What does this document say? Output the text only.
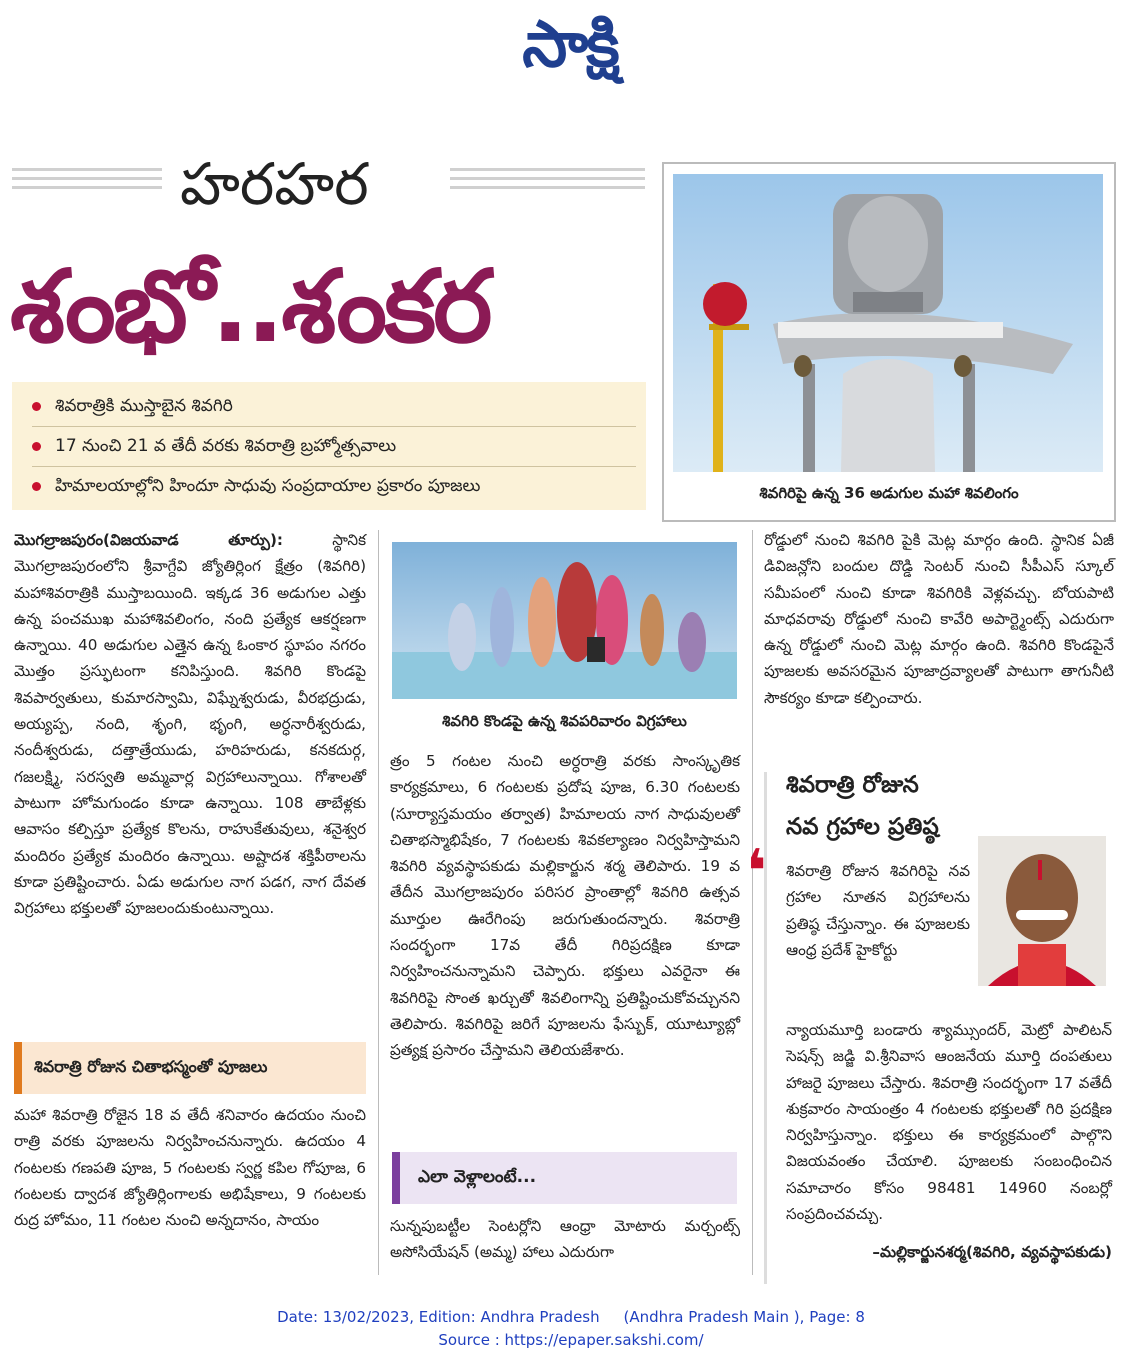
సాక్షి
హరహర
శంభో..శంకర
శివరాత్రికి ముస్తాబైన శివగిరి
17 నుంచి 21 వ తేదీ వరకు శివరాత్రి బ్రహ్మోత్సవాలు
హిమాలయాల్లోని హిందూ సాధువు సంప్రదాయాల ప్రకారం పూజలు	శివగిరిపై ఉన్న 36 అడుగుల మహా శివలింగం
మొగల్రాజపురం(విజయవాడ తూర్పు):	స్థానిక మొగల్రాజపురంలోని శ్రీవాగ్దేవి జ్యోతిర్లింగ క్షేత్రం (శివగిరి) మహాశివరాత్రికి ముస్తాబయింది. ఇక్కడ 36 అడుగుల ఎత్తు ఉన్న పంచముఖ మహాశివలింగం, నంది ప్రత్యేక ఆకర్షణగా ఉన్నాయి. 40 అడుగుల ఎత్తైన ఉన్న ఓంకార స్థూపం నగరం మొత్తం ప్రస్ఫుటంగా కనిపిస్తుంది. శివగిరి కొండపై శివపార్వతులు, కుమారస్వామి, విఘ్నేశ్వరుడు, వీరభద్రుడు, అయ్యప్ప, నంది, శృంగి, భృంగి, అర్ధనారీశ్వరుడు, నందీశ్వరుడు, దత్తాత్రేయుడు, హరిహరుడు, కనకదుర్గ, గజలక్ష్మి, సరస్వతి అమ్మవార్ల విగ్రహాలున్నాయి. గోశాలతో పాటుగా హోమగుండం కూడా ఉన్నాయి. 108 తాబేళ్లకు ఆవాసం కల్పిస్తూ ప్రత్యేక కొలను, రాహుకేతువులు, శనైశ్వర మందిరం ప్రత్యేక మందిరం ఉన్నాయి. అష్టాదశ శక్తిపీఠాలను కూడా ప్రతిష్టించారు. ఏడు అడుగుల నాగ పడగ, నాగ దేవత విగ్రహాలు భక్తులతో పూజలందుకుంటున్నాయి.
శివరాత్రి రోజున చితాభస్మంతో పూజలు
మహా శివరాత్రి రోజైన 18 వ తేదీ శనివారం ఉదయం నుంచి రాత్రి వరకు పూజలను నిర్వహించనున్నారు. ఉదయం 4 గంటలకు గణపతి పూజ, 5 గంటలకు స్వర్ణ కపిల గోపూజ, 6 గంటలకు ద్వాదశ జ్యోతిర్లింగాలకు అభిషేకాలు, 9 గంటలకు రుద్ర హోమం, 11 గంటల నుంచి అన్నదానం, సాయం
శివగిరి కొండపై ఉన్న శివపరివారం విగ్రహాలు
త్రం 5 గంటల నుంచి అర్ధరాత్రి వరకు సాంస్కృతిక కార్యక్రమాలు, 6 గంటలకు ప్రదోష పూజ, 6.30 గంటలకు (సూర్యాస్తమయం తర్వాత) హిమాలయ నాగ సాధువులతో చితాభస్మాభిషేకం, 7 గంటలకు శివకల్యాణం నిర్వహిస్తామని శివగిరి వ్యవస్థాపకుడు మల్లికార్జున శర్మ తెలిపారు. 19 వ తేదీన మొగల్రాజపురం పరిసర ప్రాంతాల్లో శివగిరి ఉత్సవ మూర్తుల ఊరేగింపు జరుగుతుందన్నారు. శివరాత్రి సందర్భంగా 17వ తేదీ గిరిప్రదక్షిణ కూడా నిర్వహించనున్నామని చెప్పారు. భక్తులు ఎవరైనా ఈ శివగిరిపై సొంత ఖర్చుతో శివలింగాన్ని ప్రతిష్టించుకోవచ్చునని తెలిపారు. శివగిరిపై జరిగే పూజలను ఫేస్బుక్, యూట్యూబ్లో ప్రత్యక్ష ప్రసారం చేస్తామని తెలియజేశారు.
ఎలా వెళ్లాలంటే...
సున్నపుబట్టీల సెంటర్లోని ఆంధ్రా మోటారు మర్చంట్స్ అసోసియేషన్ (అమ్మ) హాలు ఎదురుగా
రోడ్డులో నుంచి శివగిరి పైకి మెట్ల మార్గం ఉంది. స్థానిక ఏజీ డివిజన్లోని బందుల దొడ్డి సెంటర్ నుంచి సీపీఎస్ స్కూల్ సమీపంలో నుంచి కూడా శివగిరికి వెళ్లవచ్చు. బోయపాటి మాధవరావు రోడ్డులో నుంచి కావేరి అపార్ట్మెంట్స్ ఎదురుగా ఉన్న రోడ్డులో నుంచి మెట్ల మార్గం ఉంది. శివగిరి కొండపైనే పూజలకు అవసరమైన పూజాద్రవ్యాలతో పాటుగా తాగునీటి సౌకర్యం కూడా కల్పించారు.
శివరాత్రి రోజున
నవ గ్రహాల ప్రతిష్ఠ
❛ శివరాత్రి రోజున శివగిరిపై నవ గ్రహాల నూతన విగ్రహాలను ప్రతిష్ఠ చేస్తున్నాం. ఈ పూజలకు ఆంధ్ర ప్రదేశ్ హైకోర్టు
న్యాయమూర్తి బండారు శ్యామ్సుందర్, మెట్రో పాలిటన్ సెషన్స్ జడ్జి వి.శ్రీనివాస ఆంజనేయ మూర్తి దంపతులు హాజరై పూజలు చేస్తారు. శివరాత్రి సందర్భంగా 17 వతేదీ శుక్రవారం సాయంత్రం 4 గంటలకు భక్తులతో గిరి ప్రదక్షిణ నిర్వహిస్తున్నాం. భక్తులు ఈ కార్యక్రమంలో పాల్గొని విజయవంతం చేయాలి. పూజలకు సంబంధించిన సమాచారం కోసం 98481 14960 నంబర్లో సంప్రదించవచ్చు.
–మల్లికార్జునశర్మ(శివగిరి, వ్యవస్థాపకుడు)
Date: 13/02/2023, Edition: Andhra Pradesh     (Andhra Pradesh Main ), Page: 8
Source : https://epaper.sakshi.com/
